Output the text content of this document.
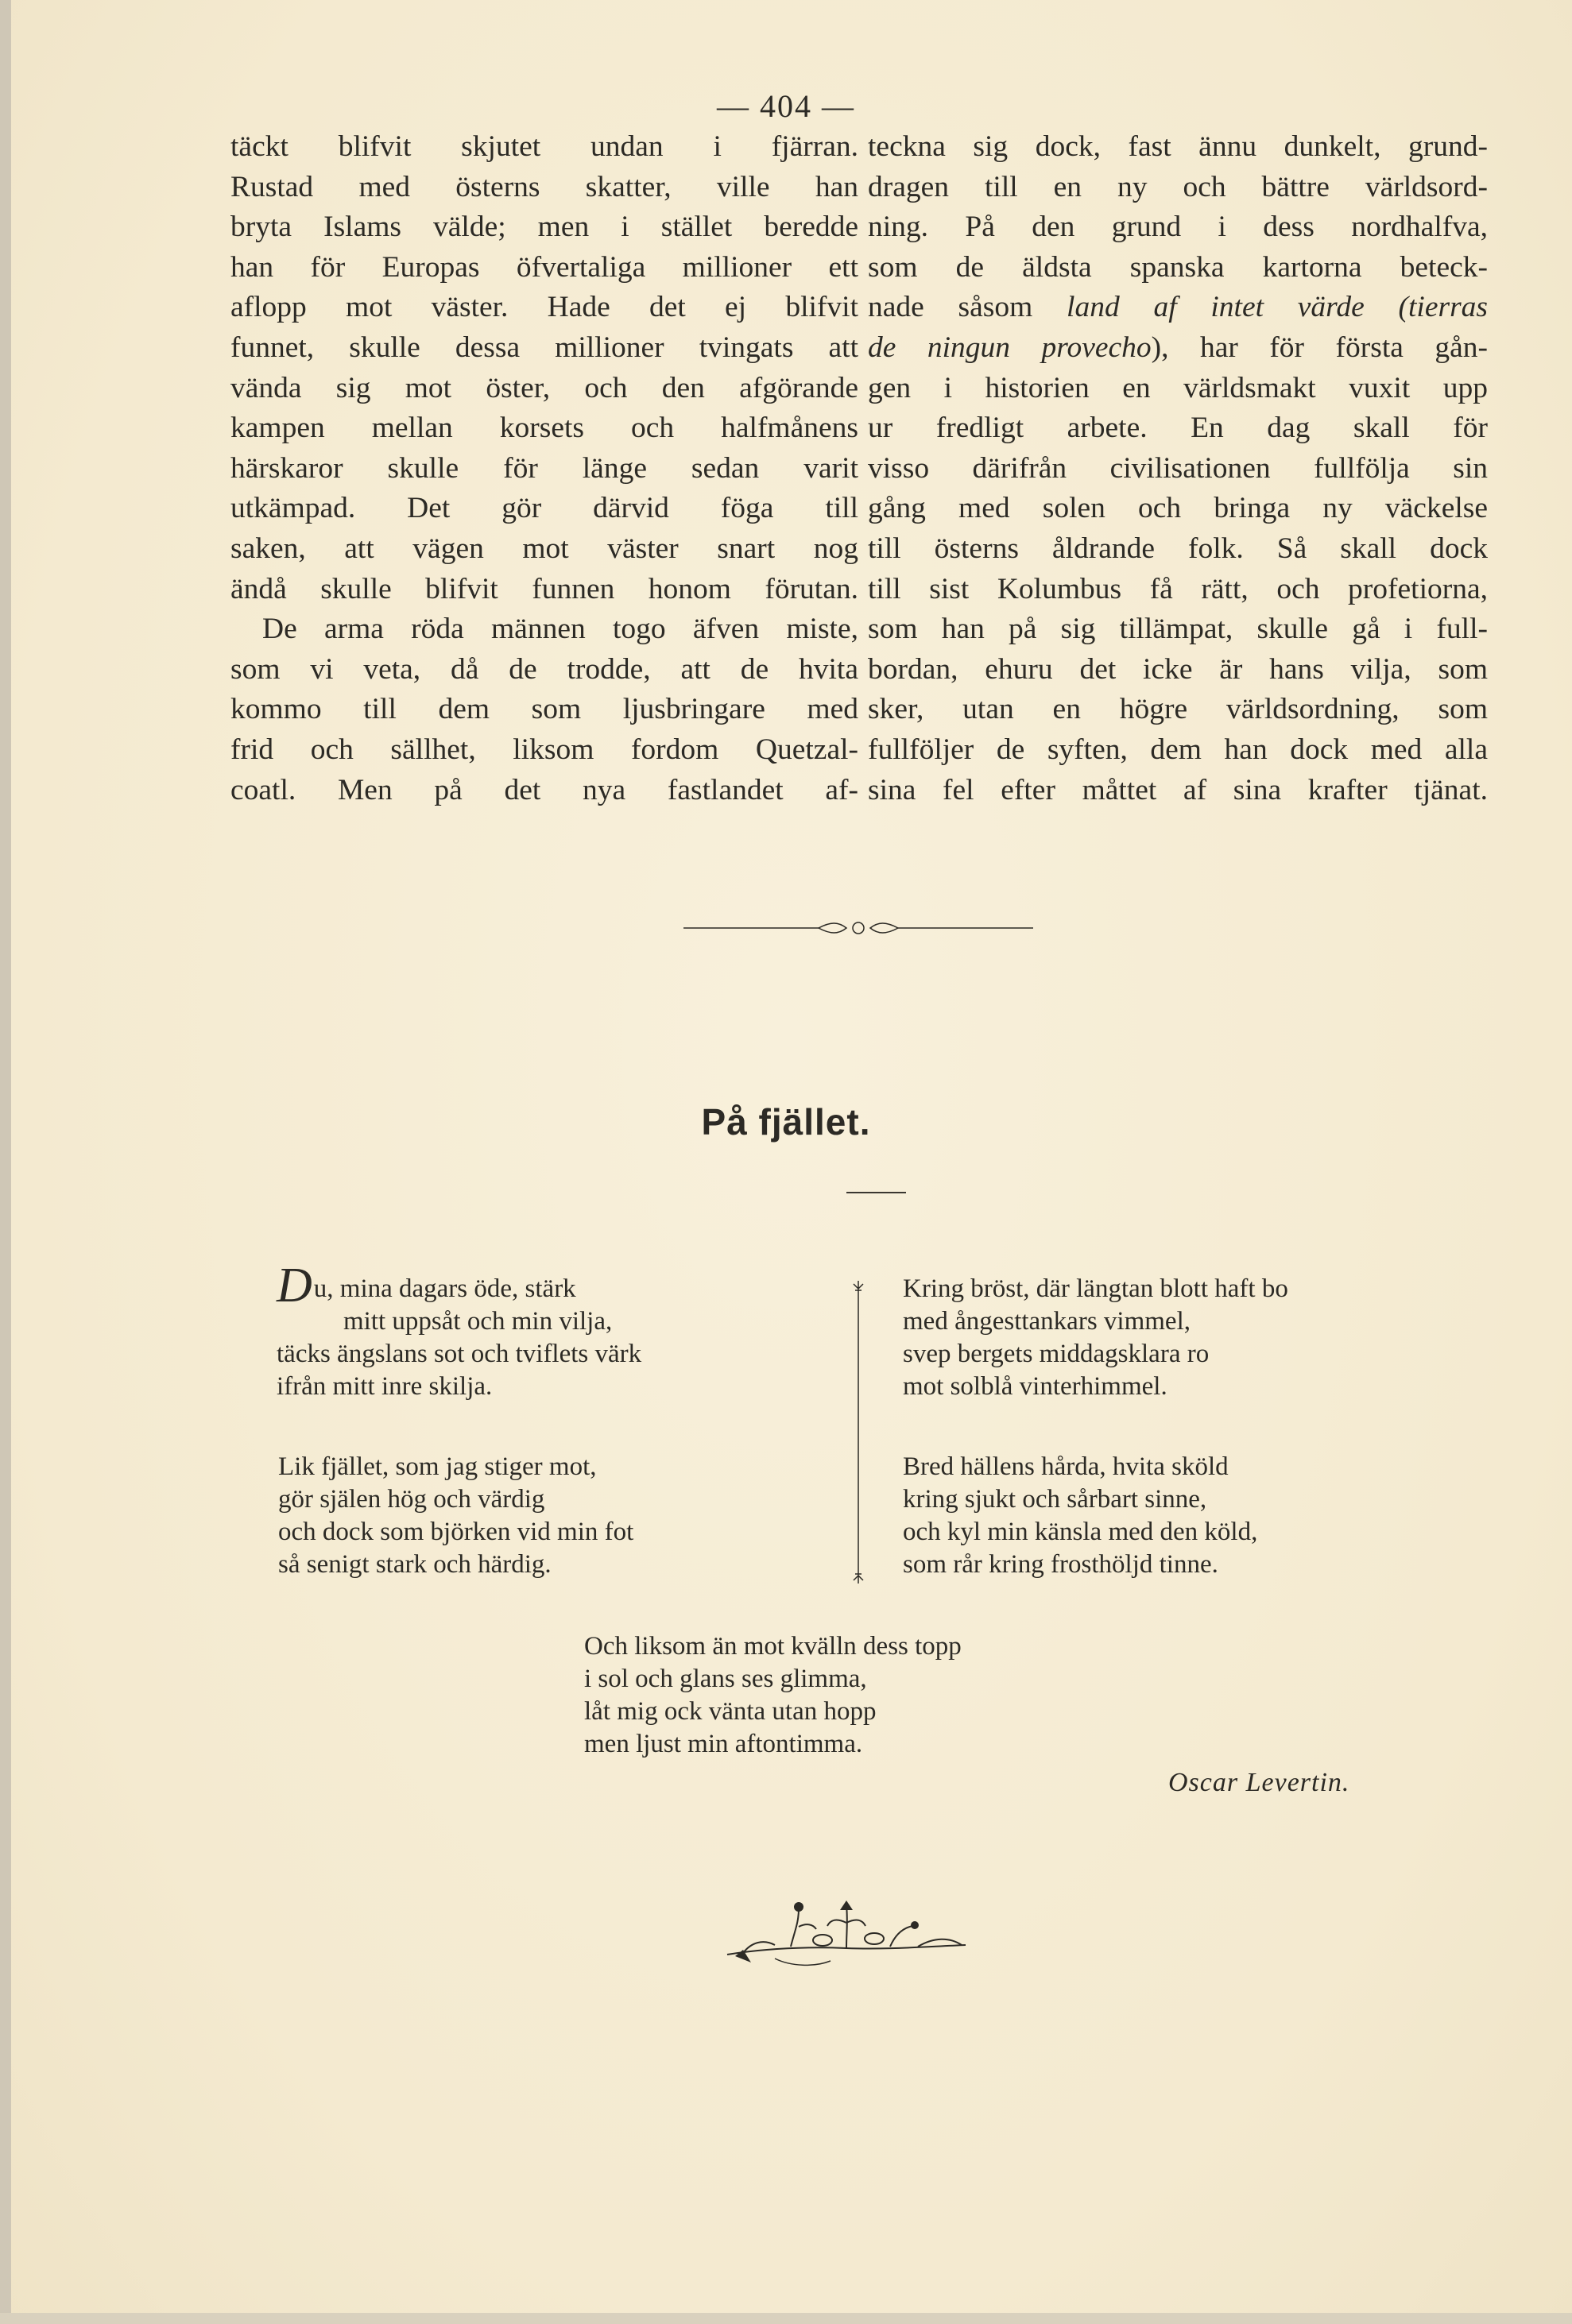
— 404 —
täckt blifvit skjutet undan i fjärran.
Rustad med österns skatter, ville han
bryta Islams välde; men i stället beredde
han för Europas öfvertaliga millioner ett
aflopp mot väster. Hade det ej blifvit
funnet, skulle dessa millioner tvingats att
vända sig mot öster, och den afgörande
kampen mellan korsets och halfmånens
härskaror skulle för länge sedan varit
utkämpad. Det gör därvid föga till
saken, att vägen mot väster snart nog
ändå skulle blifvit funnen honom förutan.
De arma röda männen togo äfven miste,
som vi veta, då de trodde, att de hvita
kommo till dem som ljusbringare med
frid och sällhet, liksom fordom Quetzal-
coatl. Men på det nya fastlandet af-
teckna sig dock, fast ännu dunkelt, grund-
dragen till en ny och bättre världsord-
ning. På den grund i dess nordhalfva,
som de äldsta spanska kartorna beteck-
nade såsom land af intet värde (tierras
de ningun provecho), har för första gån-
gen i historien en världsmakt vuxit upp
ur fredligt arbete. En dag skall för
visso därifrån civilisationen fullfölja sin
gång med solen och bringa ny väckelse
till österns åldrande folk. Så skall dock
till sist Kolumbus få rätt, och profetiorna,
som han på sig tillämpat, skulle gå i full-
bordan, ehuru det icke är hans vilja, som
sker, utan en högre världsordning, som
fullföljer de syften, dem han dock med alla
sina fel efter måttet af sina krafter tjänat.
På fjället.
Du, mina dagars öde, stärk
mitt uppsåt och min vilja,
täcks ängslans sot och tviflets värk
ifrån mitt inre skilja.
Lik fjället, som jag stiger mot,
gör själen hög och värdig
och dock som björken vid min fot
så senigt stark och härdig.
Kring bröst, där längtan blott haft bo
med ångesttankars vimmel,
svep bergets middagsklara ro
mot solblå vinterhimmel.
Bred hällens hårda, hvita sköld
kring sjukt och sårbart sinne,
och kyl min känsla med den köld,
som rår kring frosthöljd tinne.
Och liksom än mot kvälln dess topp
i sol och glans ses glimma,
låt mig ock vänta utan hopp
men ljust min aftontimma.
Oscar Levertin.
